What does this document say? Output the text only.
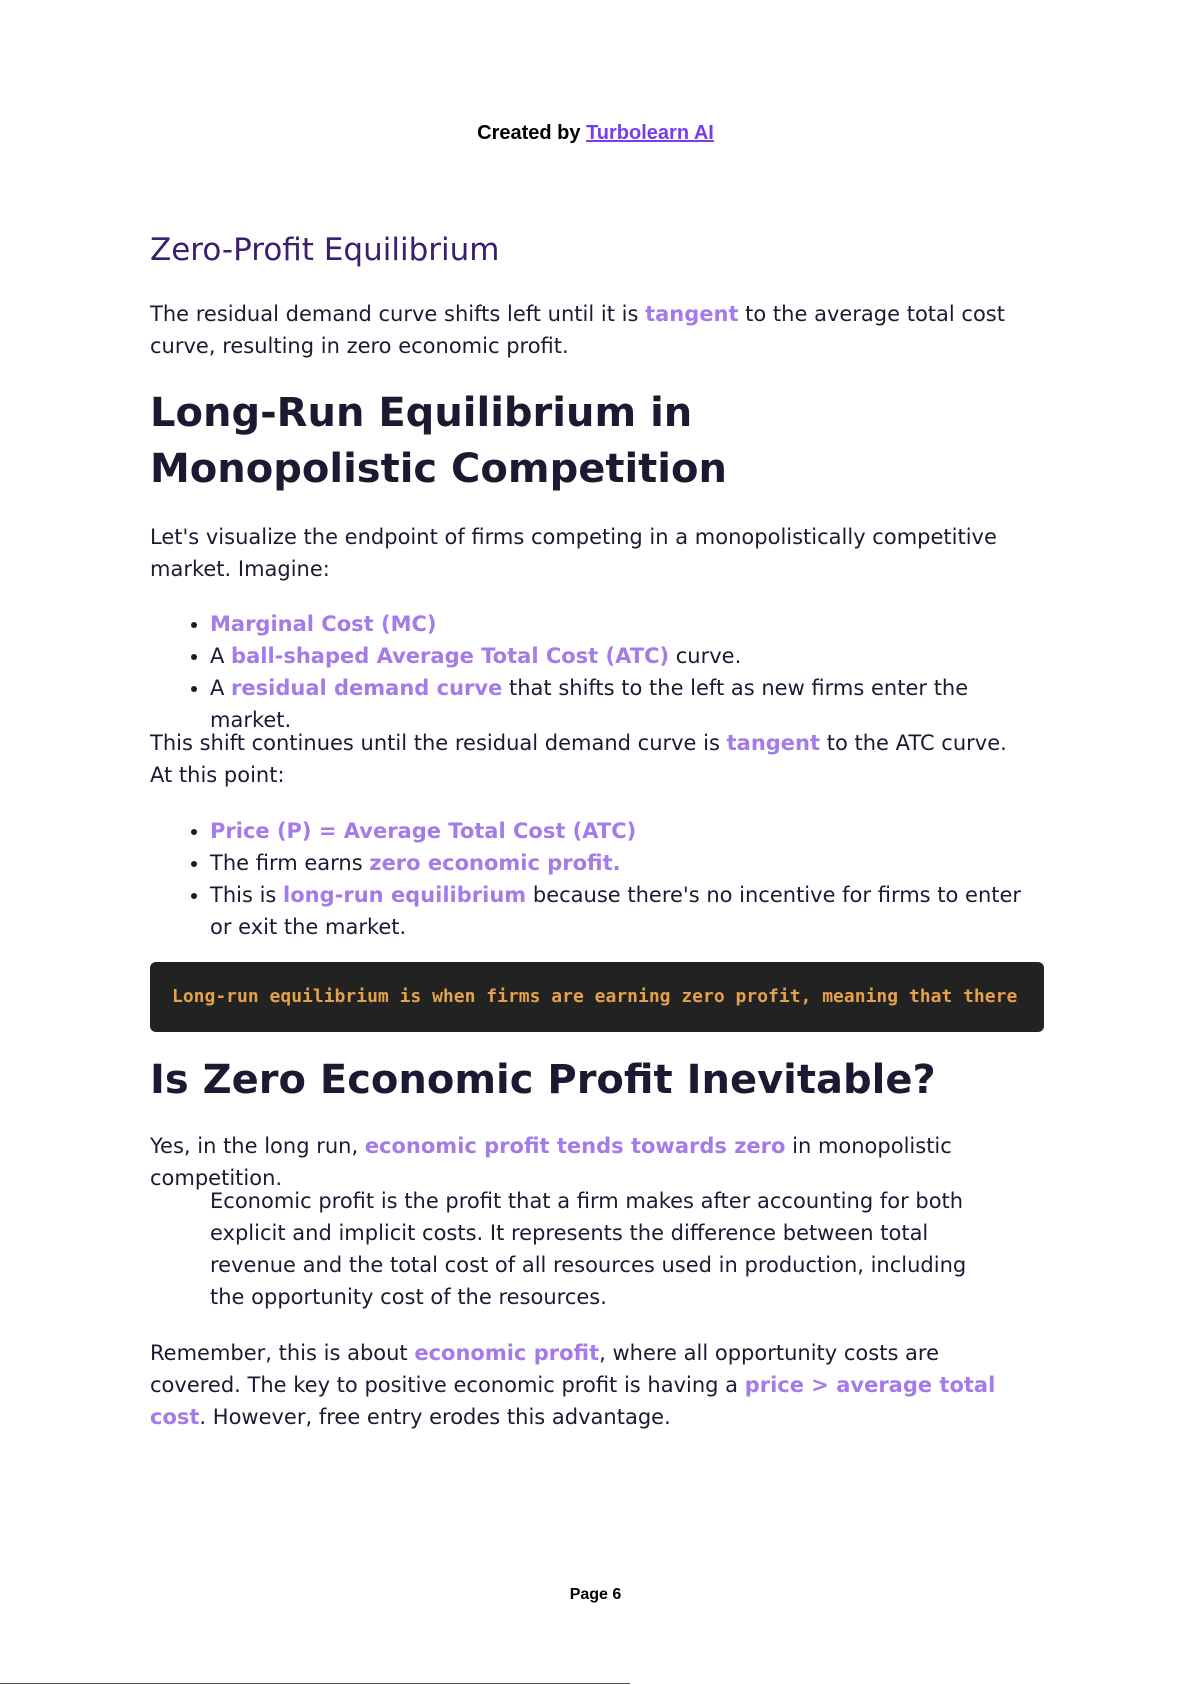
Created by Turbolearn AI
Zero-Profit Equilibrium

The residual demand curve shifts left until it is tangent to the average total cost curve, resulting in zero economic profit.

Long-Run Equilibrium in Monopolistic Competition

Let's visualize the endpoint of firms competing in a monopolistically competitive market. Imagine:

• Marginal Cost (MC)
• A ball-shaped Average Total Cost (ATC) curve.
• A residual demand curve that shifts to the left as new firms enter the market.

This shift continues until the residual demand curve is tangent to the ATC curve. At this point:

• Price (P) = Average Total Cost (ATC)
• The firm earns zero economic profit.
• This is long-run equilibrium because there's no incentive for firms to enter or exit the market.
Long-run equilibrium is when firms are earning zero profit, meaning that there
Is Zero Economic Profit Inevitable?

Yes, in the long run, economic profit tends towards zero in monopolistic competition.

Economic profit is the profit that a firm makes after accounting for both explicit and implicit costs. It represents the difference between total revenue and the total cost of all resources used in production, including the opportunity cost of the resources.

Remember, this is about economic profit, where all opportunity costs are covered. The key to positive economic profit is having a price > average total cost. However, free entry erodes this advantage.

Page 6
